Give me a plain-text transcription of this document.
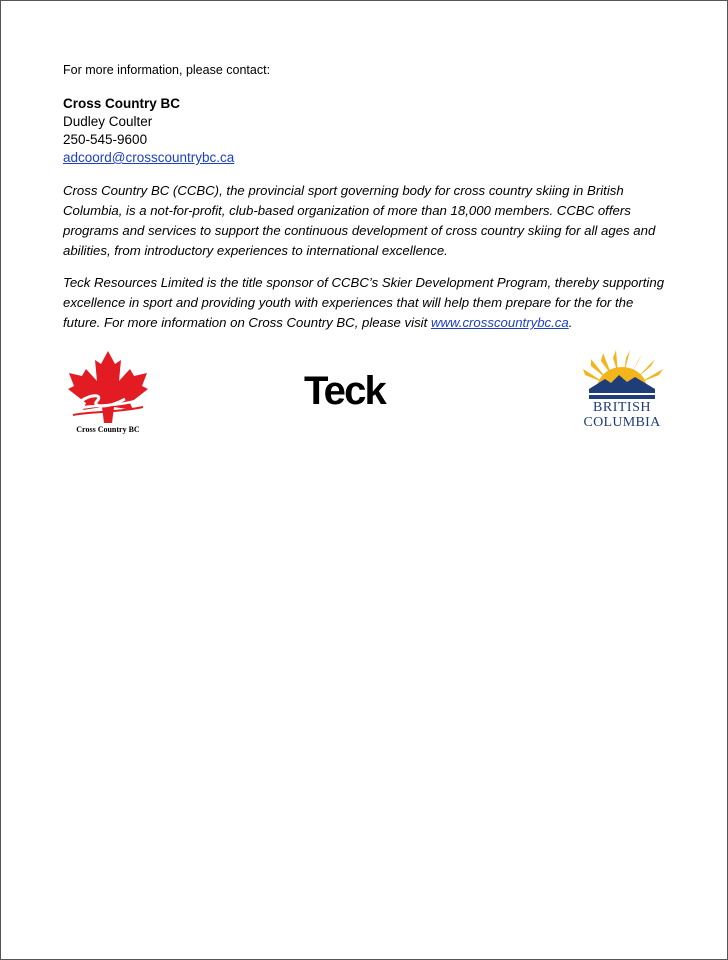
For more information, please contact:

Cross Country BC

Dudley Coulter

250-545-9600

adcoord@crosscountrybc.ca

Cross Country BC (CCBC), the provincial sport governing body for cross country skiing in British Columbia, is a not-for-profit, club-based organization of more than 18,000 members. CCBC offers programs and services to support the continuous development of cross country skiing for all ages and abilities, from introductory experiences to international excellence.

Teck Resources Limited is the title sponsor of CCBC’s Skier Development Program, thereby supporting excellence in sport and providing youth with experiences that will help them prepare for the for the future. For more information on Cross Country BC, please visit www.crosscountrybc.ca.

Cross Country BC
Teck	BRITISH
COLUMBIA
